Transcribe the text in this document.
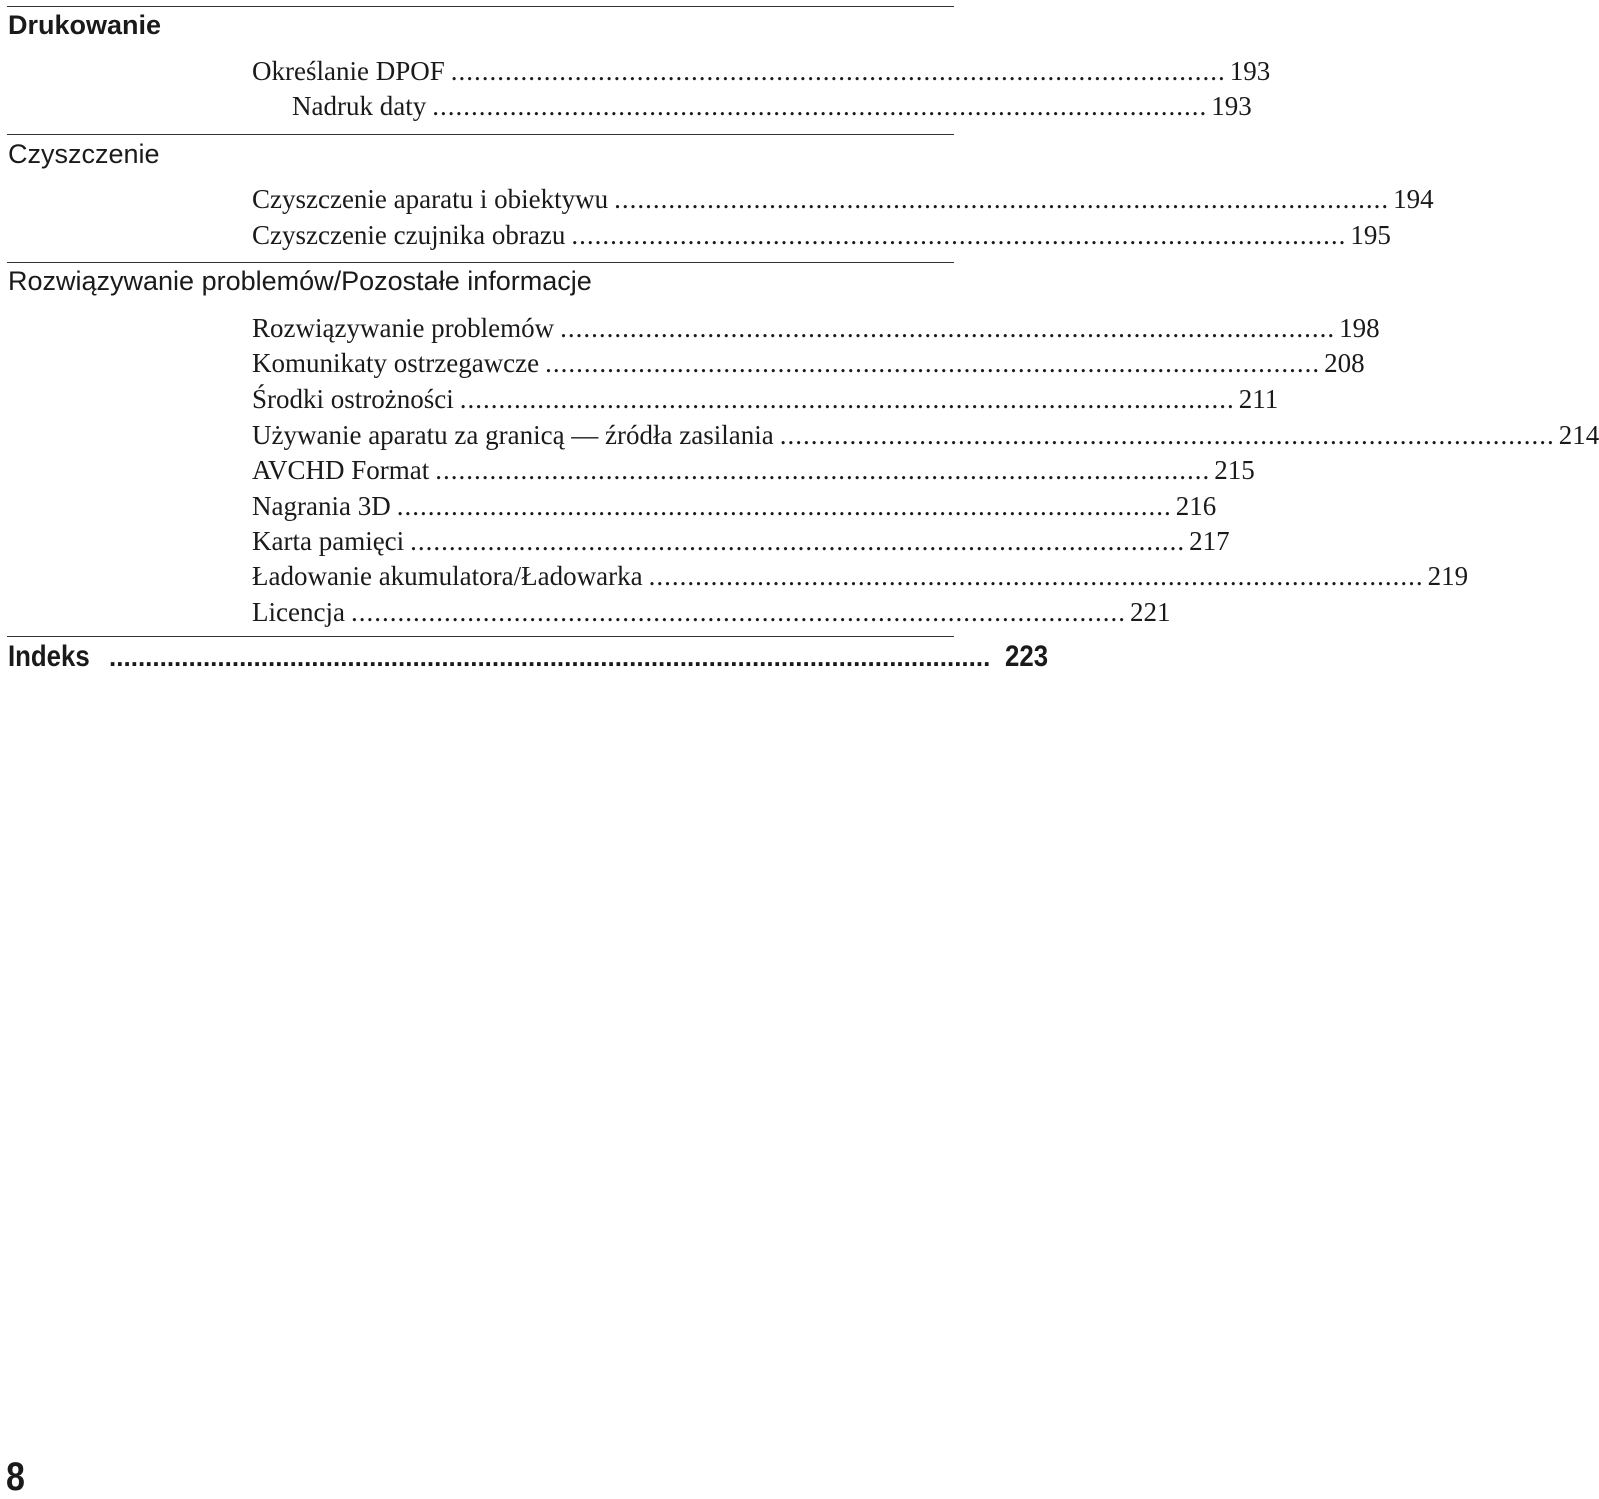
Drukowanie
Określanie DPOF .................................................................................................... 193
Nadruk daty .................................................................................................... 193
Czyszczenie
Czyszczenie aparatu i obiektywu .................................................................................................... 194
Czyszczenie czujnika obrazu .................................................................................................... 195
Rozwiązywanie problemów/Pozostałe informacje
Rozwiązywanie problemów .................................................................................................... 198
Komunikaty ostrzegawcze .................................................................................................... 208
Środki ostrożności .................................................................................................... 211
Używanie aparatu za granicą — źródła zasilania .................................................................................................... 214
AVCHD Format .................................................................................................... 215
Nagrania 3D .................................................................................................... 216
Karta pamięci .................................................................................................... 217
Ładowanie akumulatora/Ładowarka .................................................................................................... 219
Licencja .................................................................................................... 221
Indeks .......................................................................................................................... 223
8
